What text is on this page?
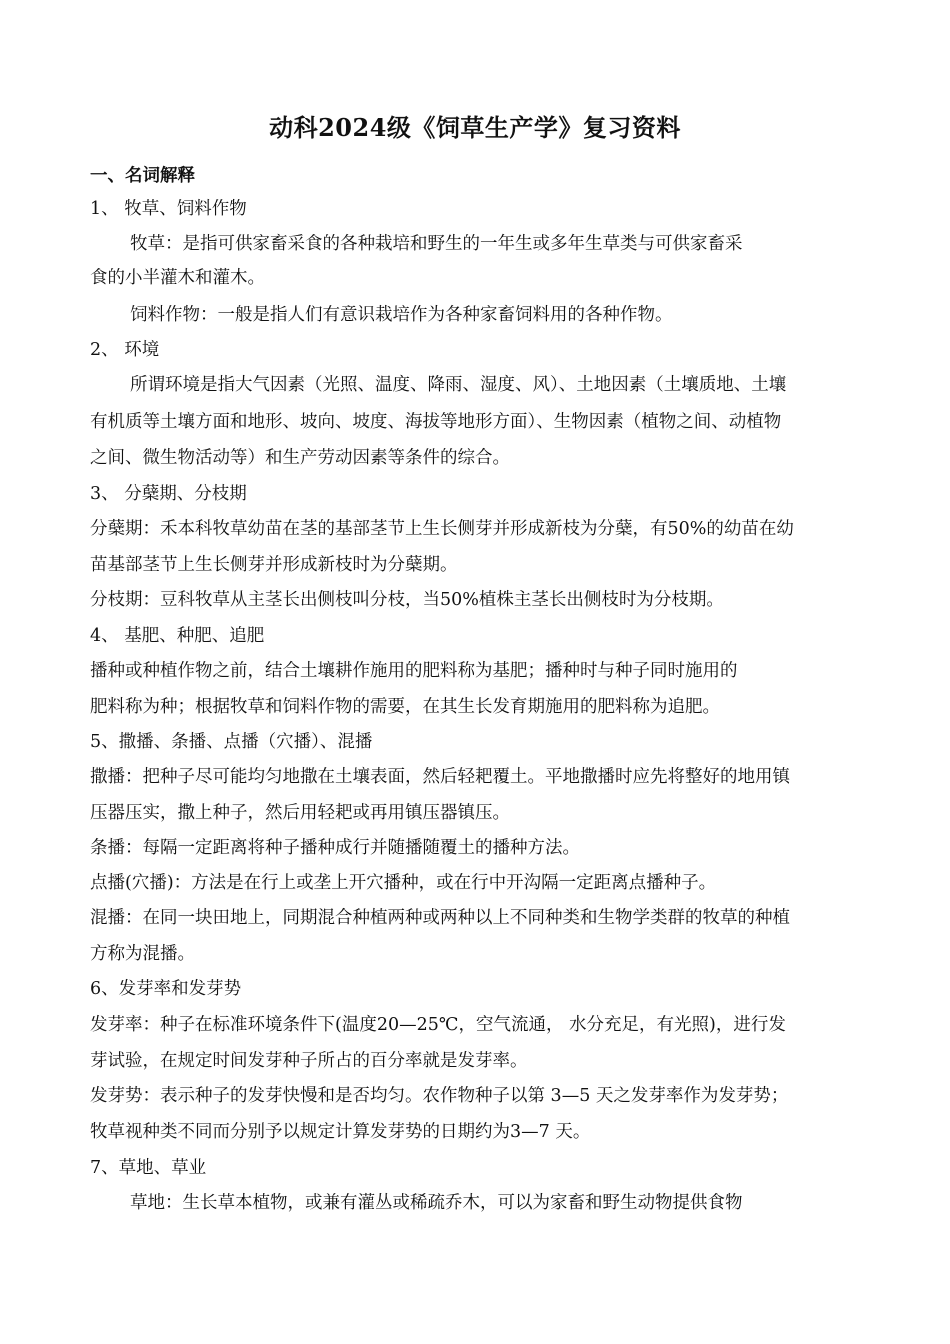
动科2024级《饲草生产学》复习资料
一、名词解释
1、 牧草、饲料作物
牧草：是指可供家畜采食的各种栽培和野生的一年生或多年生草类与可供家畜采
食的小半灌木和灌木。
饲料作物：一般是指人们有意识栽培作为各种家畜饲料用的各种作物。
2、 环境
所谓环境是指大气因素（光照、温度、降雨、湿度、风）、土地因素（土壤质地、土壤
有机质等土壤方面和地形、坡向、坡度、海拔等地形方面）、生物因素（植物之间、动植物
之间、微生物活动等）和生产劳动因素等条件的综合。
3、 分蘖期、分枝期
分蘖期：禾本科牧草幼苗在茎的基部茎节上生长侧芽并形成新枝为分蘖，有50%的幼苗在幼
苗基部茎节上生长侧芽并形成新枝时为分蘖期。
分枝期：豆科牧草从主茎长出侧枝叫分枝，当50%植株主茎长出侧枝时为分枝期。
4、 基肥、种肥、追肥
播种或种植作物之前，结合土壤耕作施用的肥料称为基肥；播种时与种子同时施用的
肥料称为种；根据牧草和饲料作物的需要，在其生长发育期施用的肥料称为追肥。
5、撒播、条播、点播（穴播）、混播
撒播：把种子尽可能均匀地撒在土壤表面，然后轻耙覆土。平地撒播时应先将整好的地用镇
压器压实，撒上种子，然后用轻耙或再用镇压器镇压。
条播：每隔一定距离将种子播种成行并随播随覆土的播种方法。
点播(穴播)：方法是在行上或垄上开穴播种，或在行中开沟隔一定距离点播种子。
混播：在同一块田地上，同期混合种植两种或两种以上不同种类和生物学类群的牧草的种植
方称为混播。
6、发芽率和发芽势
发芽率：种子在标准环境条件下(温度20—25℃，空气流通， 水分充足，有光照)，进行发
芽试验，在规定时间发芽种子所占的百分率就是发芽率。
发芽势：表示种子的发芽快慢和是否均匀。农作物种子以第 3—5 天之发芽率作为发芽势；
牧草视种类不同而分别予以规定计算发芽势的日期约为3—7 天。
7、草地、草业
草地：生长草本植物，或兼有灌丛或稀疏乔木，可以为家畜和野生动物提供食物
